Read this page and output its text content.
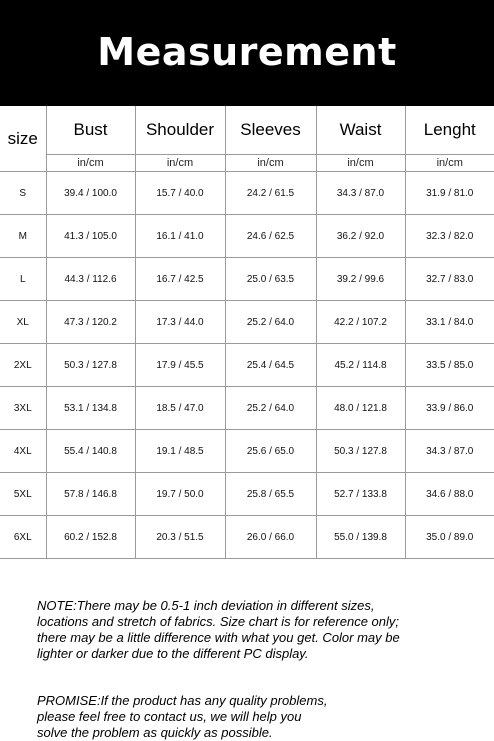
Measurement
size	Bust	Shoulder	Sleeves	Waist	Lenght
	in/cm	in/cm	in/cm	in/cm	in/cm
S	39.4 / 100.0	15.7 / 40.0	24.2 / 61.5	34.3 / 87.0	31.9 / 81.0
M	41.3 / 105.0	16.1 / 41.0	24.6 / 62.5	36.2 / 92.0	32.3 / 82.0
L	44.3 / 112.6	16.7 / 42.5	25.0 / 63.5	39.2 / 99.6	32.7 / 83.0
XL	47.3 / 120.2	17.3 / 44.0	25.2 / 64.0	42.2 / 107.2	33.1 / 84.0
2XL	50.3 / 127.8	17.9 / 45.5	25.4 / 64.5	45.2 / 114.8	33.5 / 85.0
3XL	53.1 / 134.8	18.5 / 47.0	25.2 / 64.0	48.0 / 121.8	33.9 / 86.0
4XL	55.4 / 140.8	19.1 / 48.5	25.6 / 65.0	50.3 / 127.8	34.3 / 87.0
5XL	57.8 / 146.8	19.7 / 50.0	25.8 / 65.5	52.7 / 133.8	34.6 / 88.0
6XL	60.2 / 152.8	20.3 / 51.5	26.0 / 66.0	55.0 / 139.8	35.0 / 89.0
NOTE:There may be 0.5-1 inch deviation in different sizes,
locations and stretch of fabrics. Size chart is for reference only;
there may be a little difference with what you get. Color may be
lighter or darker due to the different PC display.
PROMISE:If the product has any quality problems,
please feel free to contact us, we will help you
solve the problem as quickly as possible.
